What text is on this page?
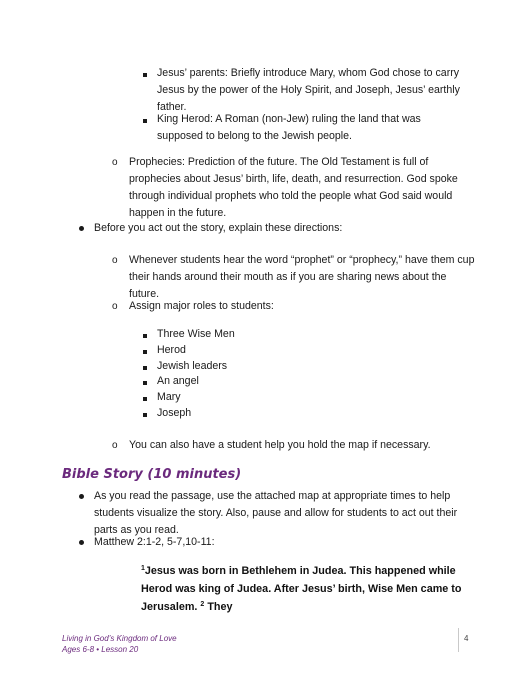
Jesus’ parents: Briefly introduce Mary, whom God chose to carry Jesus by the power of the Holy Spirit, and Joseph, Jesus’ earthly father.
King Herod: A Roman (non-Jew) ruling the land that was supposed to belong to the Jewish people.
o Prophecies: Prediction of the future. The Old Testament is full of prophecies about Jesus’ birth, life, death, and resurrection. God spoke through individual prophets who told the people what God said would happen in the future.
Before you act out the story, explain these directions:
o Whenever students hear the word “prophet” or “prophecy,” have them cup their hands around their mouth as if you are sharing news about the future.
o Assign major roles to students:
Three Wise Men
Herod
Jewish leaders
An angel
Mary
Joseph
o You can also have a student help you hold the map if necessary.
Bible Story (10 minutes)
As you read the passage, use the attached map at appropriate times to help students visualize the story. Also, pause and allow for students to act out their parts as you read.
Matthew 2:1-2, 5-7,10-11:
$^1$Jesus was born in Bethlehem in Judea. This happened while Herod was king of Judea. After Jesus’ birth, Wise Men came to Jerusalem. $^2$ They
Living in God’s Kingdom of Love
Ages 6-8 • Lesson 20
4
